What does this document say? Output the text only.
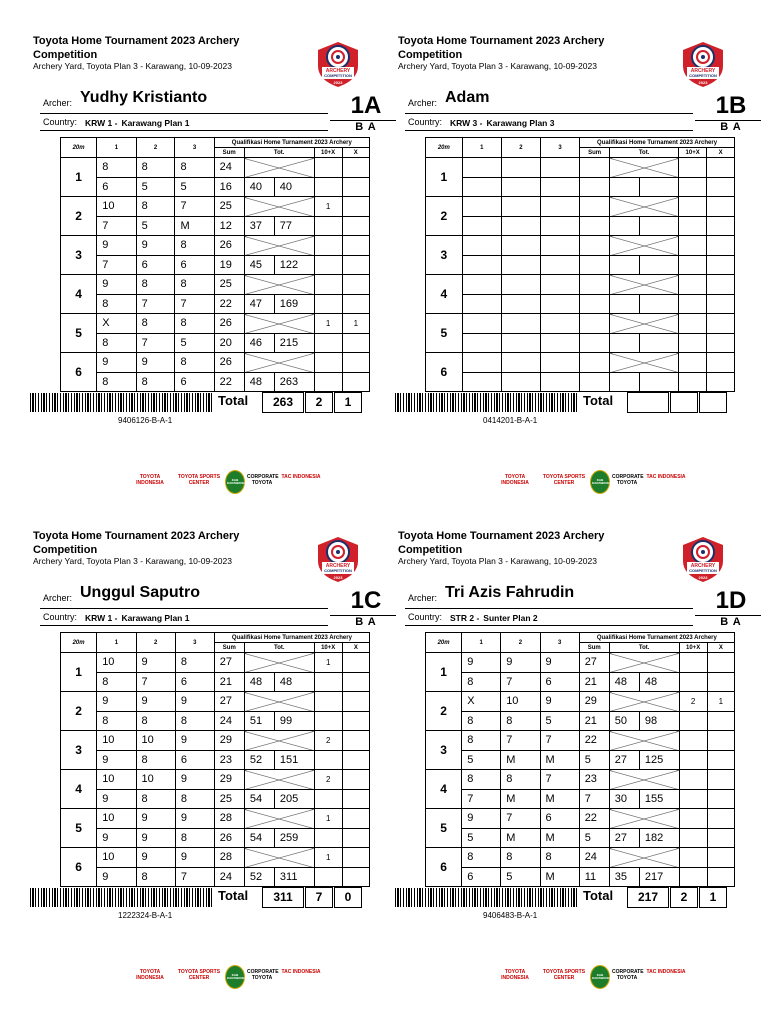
Toyota Home Tournament 2023 Archery Competition
Archery Yard, Toyota Plan 3 - Karawang, 10-09-2023	ARCHERY
COMPETITION
2023
Archer: Yudhy Kristianto
Country: KRW 1 - Karawang Plan 1
1A
B A
20m	1	2	3	Qualifikasi Home Turnament 2023 Archery				
				Sum	Tot.		10+X	X
1	8	8	8	24				
	6	5	5	16	40	40		
2	10	8	7	25			1	
	7	5	M	12	37	77		
3	9	9	8	26				
	7	6	6	19	45	122		
4	9	8	8	25				
	8	7	7	22	47	169		
5	X	8	8	26			1	1
	8	7	5	20	46	215		
6	9	9	8	26				
	8	8	6	22	48	263		
9406126-B-A-1
Total	263	2	1
TOYOTA INDONESIA
TOYOTA SPORTS CENTER	KAB KARAWANG
CORPORATE TOYOTA
TAC INDONESIA
Toyota Home Tournament 2023 Archery Competition
Archery Yard, Toyota Plan 3 - Karawang, 10-09-2023	ARCHERY
COMPETITION
2023
Archer: Adam
Country: KRW 3 - Karawang Plan 3
1B
B A
20m	1	2	3	Qualifikasi Home Turnament 2023 Archery				
				Sum	Tot.		10+X	X
1								

2								

3								

4								

5								

6								

0414201-B-A-1
Total
TOYOTA INDONESIA
TOYOTA SPORTS CENTER	KAB KARAWANG
CORPORATE TOYOTA
TAC INDONESIA
Toyota Home Tournament 2023 Archery Competition
Archery Yard, Toyota Plan 3 - Karawang, 10-09-2023	ARCHERY
COMPETITION
2023
Archer: Unggul Saputro
Country: KRW 1 - Karawang Plan 1
1C
B A
20m	1	2	3	Qualifikasi Home Turnament 2023 Archery				
				Sum	Tot.		10+X	X
1	10	9	8	27			1	
	8	7	6	21	48	48		
2	9	9	9	27				
	8	8	8	24	51	99		
3	10	10	9	29			2	
	9	8	6	23	52	151		
4	10	10	9	29			2	
	9	8	8	25	54	205		
5	10	9	9	28			1	
	9	9	8	26	54	259		
6	10	9	9	28			1	
	9	8	7	24	52	311		
1222324-B-A-1
Total	311	7	0
TOYOTA INDONESIA
TOYOTA SPORTS CENTER	KAB KARAWANG
CORPORATE TOYOTA
TAC INDONESIA
Toyota Home Tournament 2023 Archery Competition
Archery Yard, Toyota Plan 3 - Karawang, 10-09-2023	ARCHERY
COMPETITION
2023
Archer: Tri Azis Fahrudin
Country: STR 2 - Sunter Plan 2
1D
B A
20m	1	2	3	Qualifikasi Home Turnament 2023 Archery				
				Sum	Tot.		10+X	X
1	9	9	9	27				
	8	7	6	21	48	48		
2	X	10	9	29			2	1
	8	8	5	21	50	98		
3	8	7	7	22				
	5	M	M	5	27	125		
4	8	8	7	23				
	7	M	M	7	30	155		
5	9	7	6	22				
	5	M	M	5	27	182		
6	8	8	8	24				
	6	5	M	11	35	217		
9406483-B-A-1
Total	217	2	1
TOYOTA INDONESIA
TOYOTA SPORTS CENTER	KAB KARAWANG
CORPORATE TOYOTA
TAC INDONESIA
